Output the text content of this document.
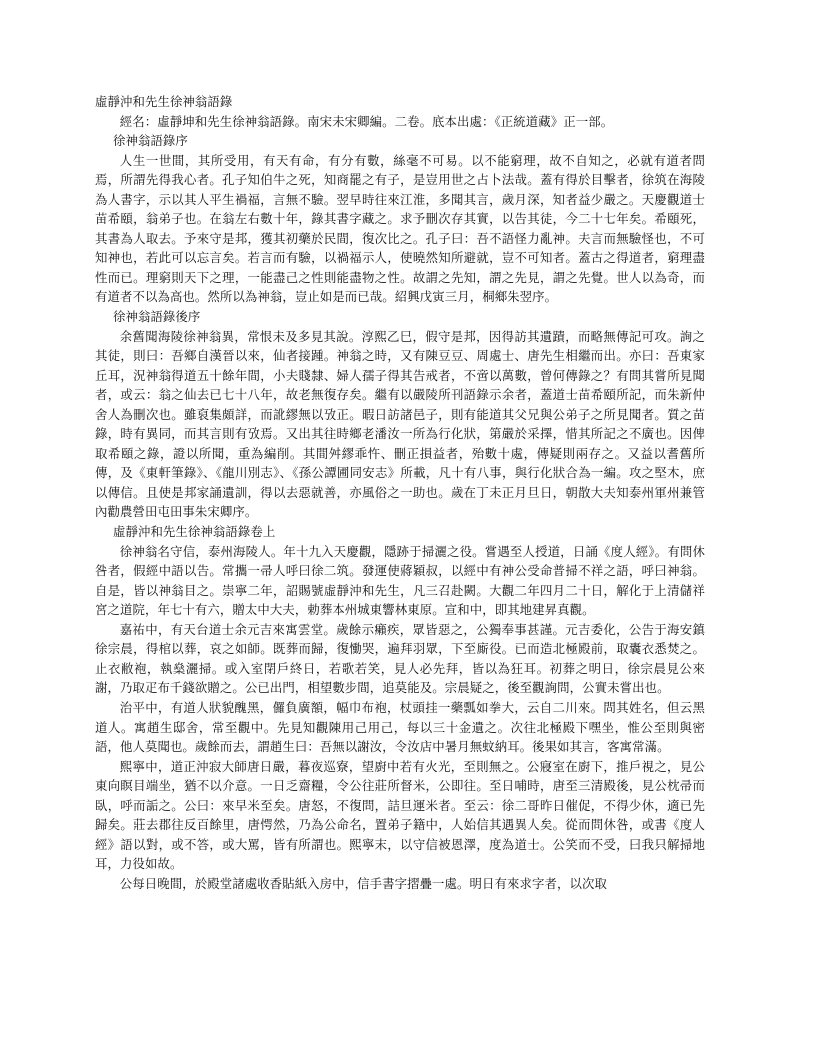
虛靜沖和先生徐神翁語錄

經名：虛靜坤和先生徐神翁語錄。南宋未宋卿編。二卷。底本出處：《正統道藏》正一部。

徐神翁語錄序

人生一世間，其所受用，有天有命，有分有數，絲毫不可易。以不能窮理，故不自知之，必就有道者問焉，所謂先得我心者。孔子知伯牛之死，知商罷之有子，是豈用世之占卜法哉。蓋有得於目擊者，徐筑在海陵為人書字，示以其人平生禍福，言無不驗。翌早時往來江淮，多聞其言，歲月深，知者益少嚴之。天慶觀道士苗希頤，翁弟子也。在翁左右數十年，錄其書字藏之。求予刪次存其實，以告其徒，今二十七年矣。希頤死，其書為人取去。予來守是邦，獲其初藥於民間，復次比之。孔子曰：吾不語怪力亂神。夫言而無驗怪也，不可知神也，若此可以忘言矣。若言而有驗，以禍福示人，使曉然知所避就，豈不可知者。蓋古之得道者，窮理盡性而已。理窮則天下之理，一能盡己之性則能盡物之性。故謂之先知，謂之先見，謂之先覺。世人以為奇，而有道者不以為高也。然所以為神翁，豈止如是而已哉。紹興戊寅三月，桐鄉朱翌序。

徐神翁語錄後序

余舊聞海陵徐神翁異，常恨未及多見其說。淳熙乙巳，假守是邦，因得訪其遺蹟，而略無傳記可攻。詢之其徒，則曰：吾鄉自漢晉以來，仙者接踵。神翁之時，又有陳豆豆、周處士、唐先生相繼而出。亦曰：吾東家丘耳，況神翁得道五十餘年間，小夫賤隸、婦人孺子得其告戒者，不啻以萬數，曾何傳錄之？有問其嘗所見聞者，或云：翁之仙去已七十八年，故老無復存矣。繼有以嚴陵所刊語錄示余者，蓋道士苗希頤所記，而朱新仲舍人為刪次也。雖裒集頗詳，而訛繆無以攷正。暇日訪諸邑子，則有能道其父兄與公弟子之所見聞者。質之苗錄，時有異同，而其言則有攷焉。又出其往時鄉老潘汝一所為行化狀，第嚴於采擇，惜其所記之不廣也。因俾取希頤之錄，證以所聞，重為編削。其間舛繆乖忤、刪正損益者，殆數十處，傳疑則兩存之。又益以耆舊所傳，及《東軒筆錄》、《龍川別志》、《孫公譚圃同安志》所載，凡十有八事，與行化狀合為一編。攻之堅木，庶以傳信。且使是邦家誦遺訓，得以去惡就善，亦風俗之一助也。歲在丁未正月旦日，朝散大夫知泰州軍州兼管內勸農營田屯田事朱宋卿序。

虛靜沖和先生徐神翁語錄卷上

徐神翁名守信，泰州海陵人。年十九入天慶觀，隱跡于掃灑之役。嘗遇至人授道，日誦《度人經》。有問休咎者，假經中語以告。常攜一帚人呼曰徐二筑。發運使蔣穎叔，以經中有神公受命普掃不祥之語，呼曰神翁。自是，皆以神翁目之。崇寧二年，詔賜號虛靜沖和先生，凡三召赴闕。大觀二年四月二十日，解化于上清儲祥宮之道院，年七十有六，贈太中大夫，勅葬本州城東響林東原。宣和中，即其地建昇真觀。

嘉祐中，有天台道士余元吉來寓雲堂。歲餘示癩疾，眾皆惡之，公獨奉事甚謹。元吉委化，公告于海安鎮徐宗晨，得棺以葬，哀之如師。既葬而歸，復慟哭，遍拜羽眾，下至廝役。已而造北極殿前，取囊衣悉焚之。止衣敝袍，執燊灑掃。或入室閉戶終日，若歌若笑，見人必先拜，皆以為狂耳。初葬之明日，徐宗晨見公來謝，乃取疋布千錢欲贈之。公已出門，相望數步間，追莫能及。宗晨疑之，後至觀詢問，公實未嘗出也。

治平中，有道人狀貌醜黑，儸負廣額，幅巾布袍，杖頭挂一藥瓢如拳大，云自二川來。問其姓名，但云黑道人。寓趙生邸舍，常至觀中。先見知觀陳用己用己，每以三十金遺之。次往北極殿下嘿坐，惟公至則與密語，他人莫聞也。歲餘而去，謂趙生曰：吾無以謝汝，令汝店中暑月無蚊納耳。後果如其言，客寓常滿。

熙寧中，道正沖寂大師唐日嚴，暮夜巡寮，望廚中若有火光，至則無之。公寢室在廚下，推戶視之，見公東向瞑目端坐，猶不以介意。一日乏齋糧，令公往莊所督米，公即往。至日哺時，唐至三清殿後，見公枕帚而臥，呼而詬之。公曰：來早米至矣。唐怒，不復問，詰旦運米者。至云：徐二哥昨日催促，不得少休，適已先歸矣。莊去郡往反百餘里，唐愕然，乃為公命名，置弟子籍中，人始信其遇異人矣。從而問休咎，或書《度人經》語以對，或不答，或大罵，皆有所謂也。熙寧末，以守信被恩澤，度為道士。公笑而不受，曰我只解掃地耳，力役如故。

公每日晚間，於殿堂諸處收香貼紙入房中，信手書字摺疊一處。明日有來求字者，以次取
